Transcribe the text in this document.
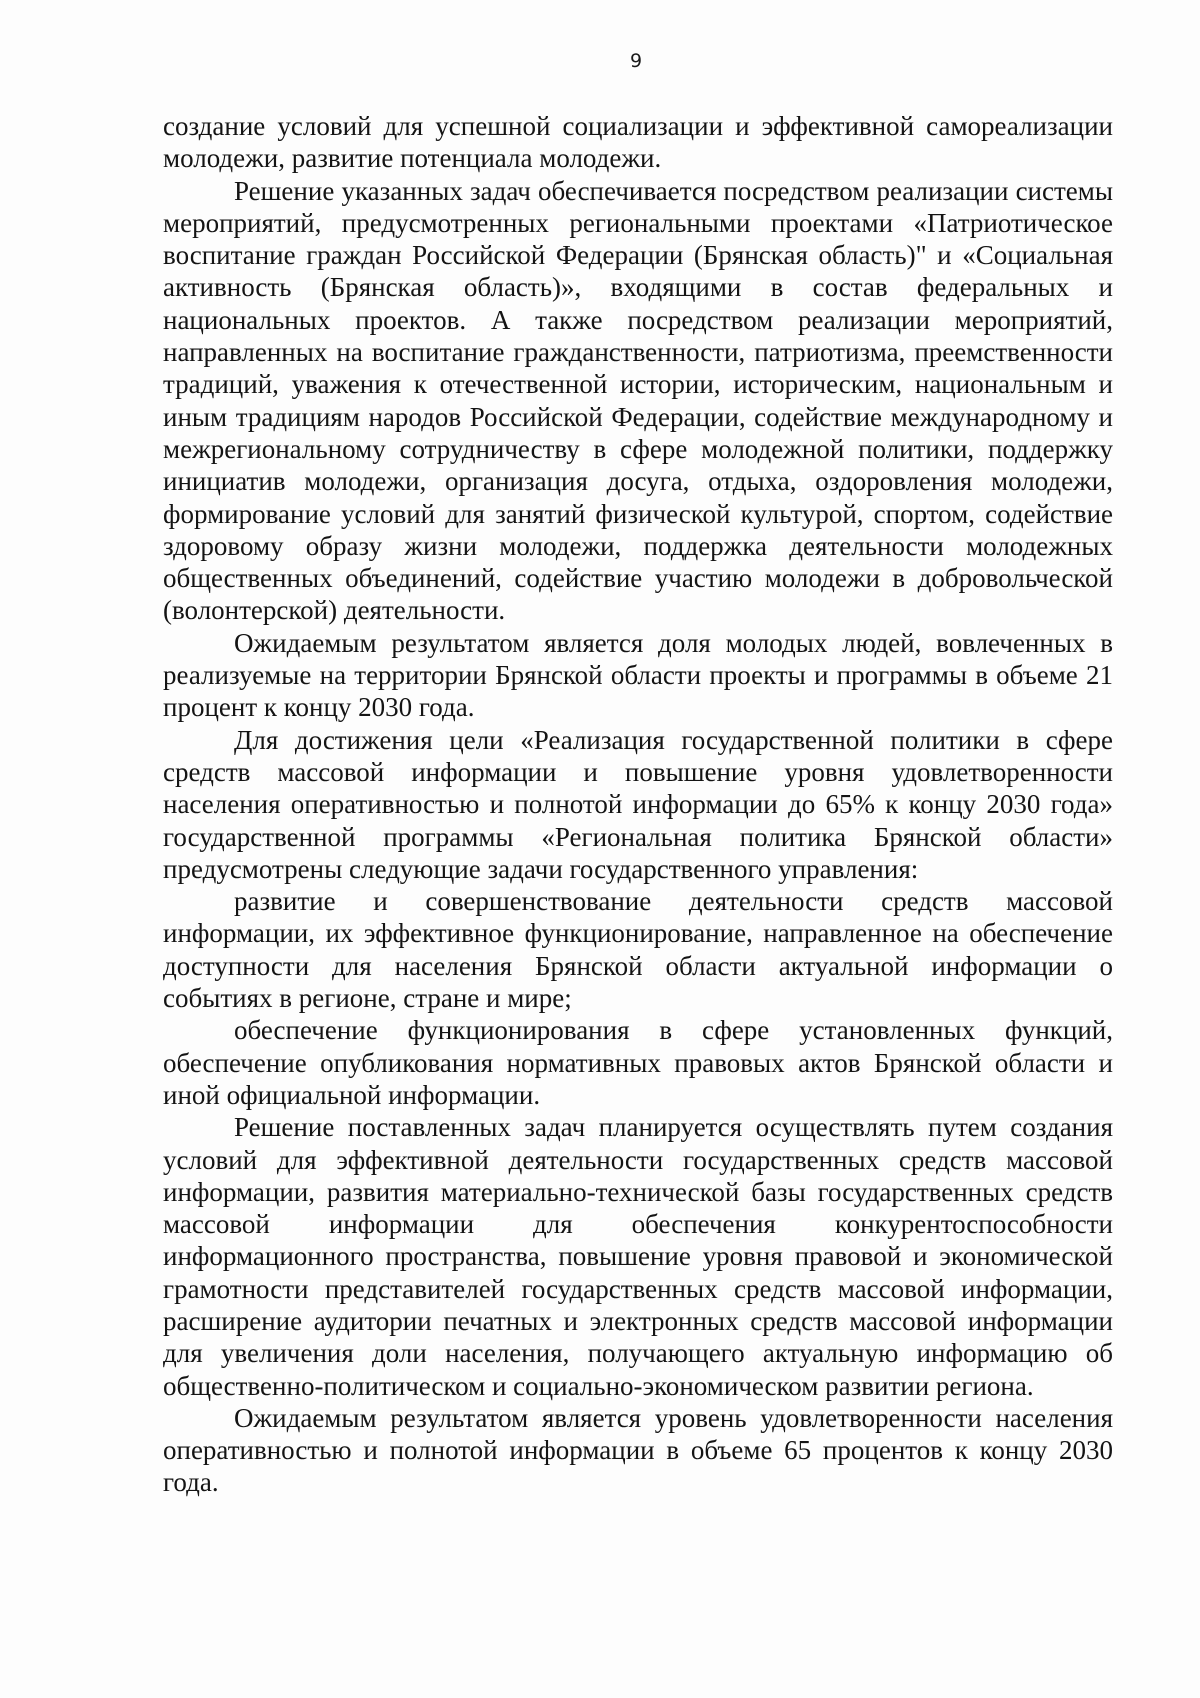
9

создание условий для успешной социализации и эффективной самореализации молодежи, развитие потенциала молодежи.

Решение указанных задач обеспечивается посредством реализации системы мероприятий, предусмотренных региональными проектами «Патриотическое воспитание граждан Российской Федерации (Брянская область)" и «Социальная активность (Брянская область)», входящими в состав федеральных и национальных проектов. А также посредством реализации мероприятий, направленных на воспитание гражданственности, патриотизма, преемственности традиций, уважения к отечественной истории, историческим, национальным и иным традициям народов Российской Федерации, содействие международному и межрегиональному сотрудничеству в сфере молодежной политики, поддержку инициатив молодежи, организация досуга, отдыха, оздоровления молодежи, формирование условий для занятий физической культурой, спортом, содействие здоровому образу жизни молодежи, поддержка деятельности молодежных общественных объединений, содействие участию молодежи в добровольческой (волонтерской) деятельности.

Ожидаемым результатом является доля молодых людей, вовлеченных в реализуемые на территории Брянской области проекты и программы в объеме 21 процент к концу 2030 года.

Для достижения цели «Реализация государственной политики в сфере средств массовой информации и повышение уровня удовлетворенности населения оперативностью и полнотой информации до 65% к концу 2030 года» государственной программы «Региональная политика Брянской области» предусмотрены следующие задачи государственного управления:

развитие и совершенствование деятельности средств массовой информации, их эффективное функционирование, направленное на обеспечение доступности для населения Брянской области актуальной информации о событиях в регионе, стране и мире;

обеспечение функционирования в сфере установленных функций, обеспечение опубликования нормативных правовых актов Брянской области и иной официальной информации.

Решение поставленных задач планируется осуществлять путем создания условий для эффективной деятельности государственных средств массовой информации, развития материально-технической базы государственных средств массовой информации для обеспечения конкурентоспособности информационного пространства, повышение уровня правовой и экономической грамотности представителей государственных средств массовой информации, расширение аудитории печатных и электронных средств массовой информации для увеличения доли населения, получающего актуальную информацию об общественно-политическом и социально-экономическом развитии региона.

Ожидаемым результатом является уровень удовлетворенности населения оперативностью и полнотой информации в объеме 65 процентов к концу 2030 года.
